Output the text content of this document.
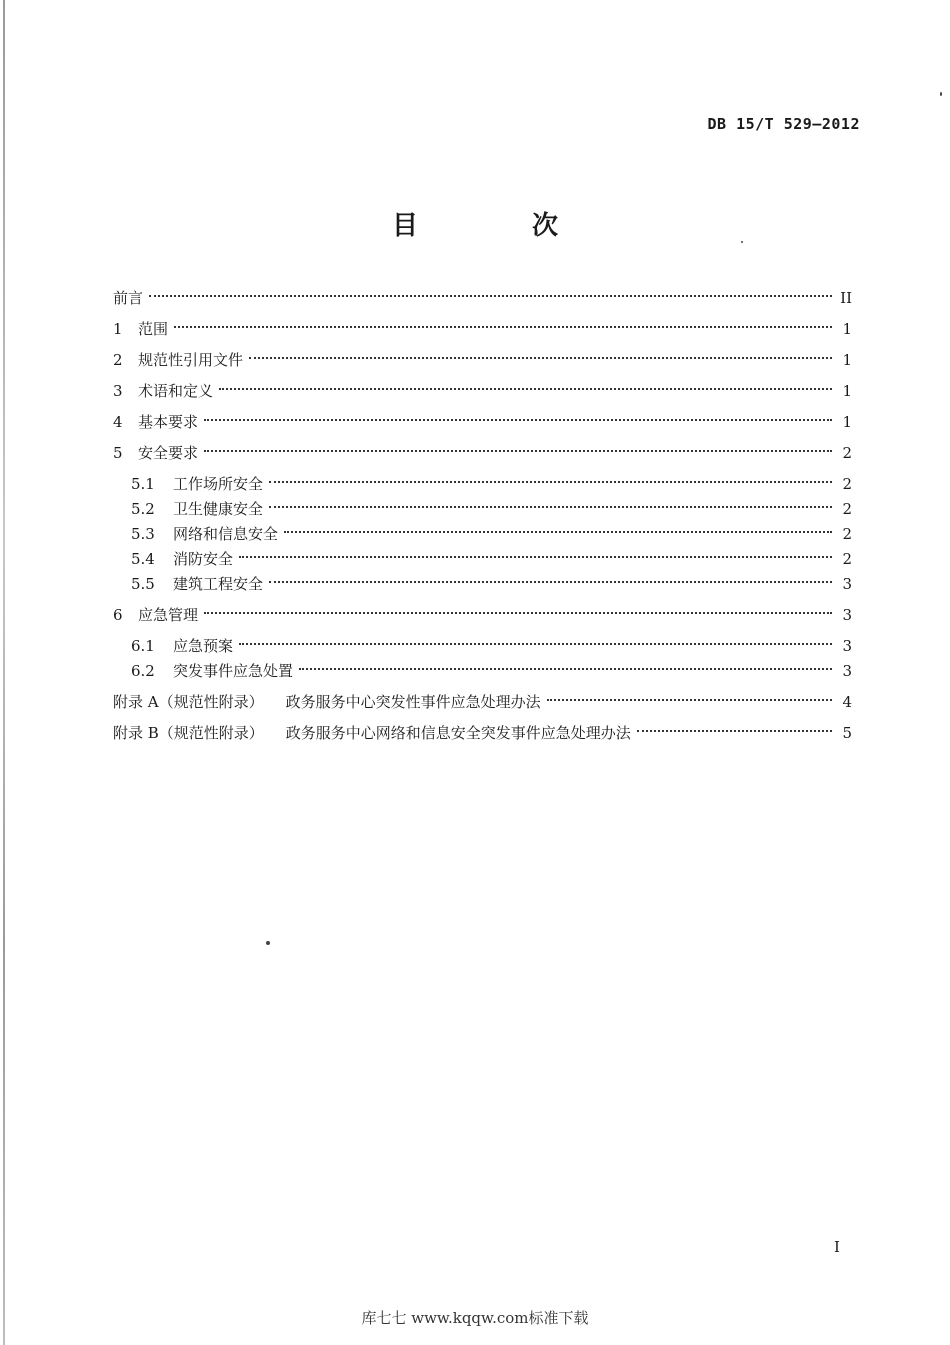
DB 15/T 529—2012
目　次
前言	II
1	范围	1
2	规范性引用文件	1
3	术语和定义	1
4	基本要求	1
5	安全要求	2
5.1	工作场所安全	2
5.2	卫生健康安全	2
5.3	网络和信息安全	2
5.4	消防安全	2
5.5	建筑工程安全	3
6	应急管理	3
6.1	应急预案	3
6.2	突发事件应急处置	3
附录 A（规范性附录） 政务服务中心突发性事件应急处理办法	4
附录 B（规范性附录） 政务服务中心网络和信息安全突发事件应急处理办法	5
I
库七七 www.kqqw.com标准下载
